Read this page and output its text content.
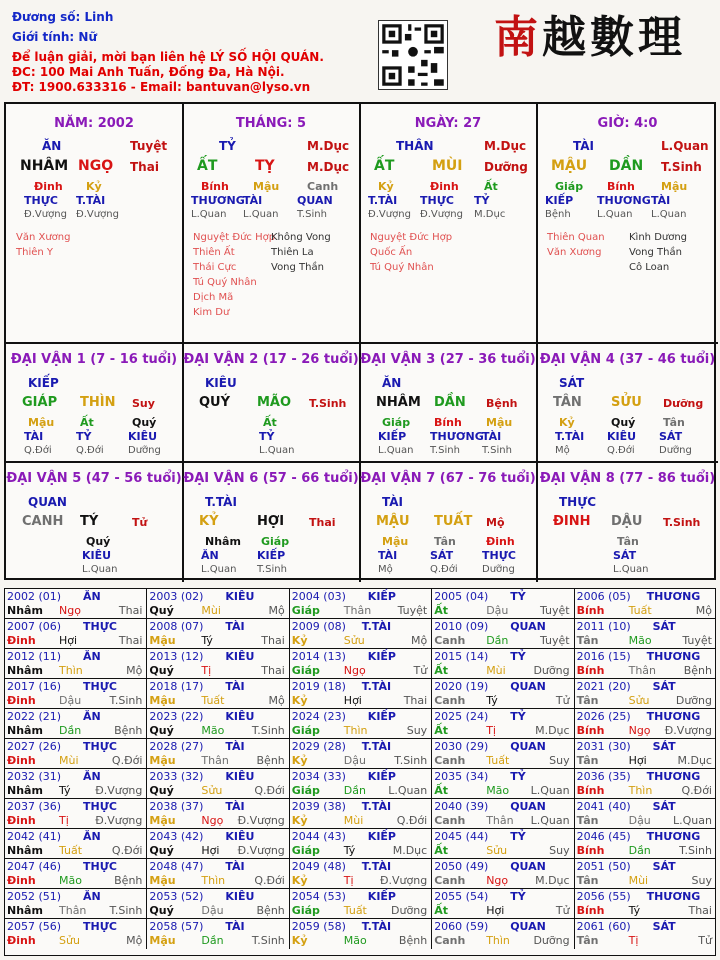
Đương số: Linh
Giới tính: Nữ
Để luận giải, mời bạn liên hệ LÝ SỐ HỘI QUÁN.
ĐC: 100 Mai Anh Tuấn, Đống Đa, Hà Nội.
ĐT: 1900.633316 - Email: bantuvan@lyso.vn
南越數理
NĂM: 2002
ĂN	Tuyệt
NHÂM NGỌ Thai
Đinh
THỰC
Đ.Vượng
Kỷ
T.TÀI
Đ.Vượng
Văn Xương
Thiên Y
THÁNG: 5
TỶ	M.Dục
ẤT	TỴ	M.Dục
Bính
THƯƠNG
L.Quan
Mậu
TÀI
L.Quan
Canh
QUAN
T.Sinh
Nguyệt Đức Hợp
Thiên Ất
Thái Cực
Tú Quý Nhân
Dịch Mã
Kim Dư
Không Vong
Thiên La
Vong Thần
NGÀY: 27
THÂN	M.Dục
ẤT	MÙI Dưỡng
Kỷ
T.TÀI
Đ.Vượng
Đinh
THỰC
Đ.Vượng
Ất
TỶ
M.Dục
Nguyệt Đức Hợp
Quốc Ấn
Tú Quý Nhân
GIỜ: 4:0
TÀI	L.Quan
MẬU DẦN T.Sinh
Giáp
KIẾP
Bệnh
Bính
THƯƠNG
L.Quan
Mậu
TÀI
L.Quan
Thiên Quan
Văn Xương
Kình Dương
Vong Thần
Cô Loan
ĐẠI VẬN 1 (7 - 16 tuổi)
KIẾP
GIÁP THÌN Suy
Mậu
TÀI
Q.Đới
Ất
TỶ
Q.Đới
Quý
KIÊU
Dưỡng
ĐẠI VẬN 2 (17 - 26 tuổi)
KIÊU
QUÝ MÃO T.Sinh
Ất
TỶ
L.Quan
ĐẠI VẬN 3 (27 - 36 tuổi)
ĂN
NHÂM DẦN Bệnh
Giáp
KIẾP
L.Quan
Bính
THƯƠNG
T.Sinh
Mậu
TÀI
T.Sinh
ĐẠI VẬN 4 (37 - 46 tuổi)
SÁT
TÂN SỬU Dưỡng
Kỷ
T.TÀI
Mộ
Quý
KIÊU
Q.Đới
Tân
SÁT
Dưỡng
ĐẠI VẬN 5 (47 - 56 tuổi)
QUAN
CANH TÝ	Tử
Quý
KIÊU
L.Quan
ĐẠI VẬN 6 (57 - 66 tuổi)
T.TÀI
KỶ	HỢI Thai
Nhâm
ĂN
L.Quan
Giáp
KIẾP
T.Sinh
ĐẠI VẬN 7 (67 - 76 tuổi)
TÀI
MẬU TUẤT Mộ
Mậu
TÀI
Mộ
Tân
SÁT
Q.Đới
Đinh
THỰC
Dưỡng
ĐẠI VẬN 8 (77 - 86 tuổi)
THỰC
ĐINH DẬU T.Sinh
Tân
SÁT
L.Quan
2002 (01) ĂN
Nhâm Ngọ	Thai
2003 (02) KIÊU
Quý	Mùi	Mộ
2004 (03) KIẾP
Giáp Thân Tuyệt
2005 (04) TỶ
Ất	Dậu	Tuyệt
2006 (05) THƯƠNG
Bính Tuất	Mộ
2007 (06) THỰC
Đinh Hợi	Thai
2008 (07) TÀI
Mậu Tý	Thai
2009 (08) T.TÀI
Kỷ	Sửu	Mộ
2010 (09) QUAN
Canh Dần	Tuyệt
2011 (10) SÁT
Tân	Mão	Tuyệt
2012 (11) ĂN
Nhâm Thìn	Mộ
2013 (12) KIÊU
Quý	Tị	Thai
2014 (13) KIẾP
Giáp Ngọ	Tử
2015 (14) TỶ
Ất	Mùi	Dưỡng
2016 (15) THƯƠNG
Bính Thân	Bệnh
2017 (16) THỰC
Đinh Dậu	T.Sinh
2018 (17) TÀI
Mậu Tuất	Mộ
2019 (18) T.TÀI
Kỷ	Hợi	Thai
2020 (19) QUAN
Canh Tý	Tử
2021 (20) SÁT
Tân	Sửu Dưỡng
2022 (21) ĂN
Nhâm Dần	Bệnh
2023 (22) KIÊU
Quý	Mão	T.Sinh
2024 (23) KIẾP
Giáp Thìn	Suy
2025 (24) TỶ
Ất	Tị	M.Dục
2026 (25) THƯƠNG
Bính Ngọ Đ.Vượng
2027 (26) THỰC
Đinh Mùi	Q.Đới
2028 (27) TÀI
Mậu Thân	Bệnh
2029 (28) T.TÀI
Kỷ	Dậu	T.Sinh
2030 (29) QUAN
Canh Tuất	Suy
2031 (30) SÁT
Tân	Hợi	M.Dục
2032 (31) ĂN
Nhâm Tý Đ.Vượng
2033 (32) KIÊU
Quý	Sửu	Q.Đới
2034 (33) KIẾP
Giáp Dần L.Quan
2035 (34) TỶ
Ất	Mão L.Quan
2036 (35) THƯƠNG
Bính Thìn	Q.Đới
2037 (36) THỰC
Đinh Tị Đ.Vượng
2038 (37) TÀI
Mậu Ngọ Đ.Vượng
2039 (38) T.TÀI
Kỷ	Mùi	Q.Đới
2040 (39) QUAN
Canh Thân L.Quan
2041 (40) SÁT
Tân	Dậu L.Quan
2042 (41) ĂN
Nhâm Tuất	Q.Đới
2043 (42) KIÊU
Quý	Hợi Đ.Vượng
2044 (43) KIẾP
Giáp Tý	M.Dục
2045 (44) TỶ
Ất	Sửu	Suy
2046 (45) THƯƠNG
Bính Dần	T.Sinh
2047 (46) THỰC
Đinh Mão	Bệnh
2048 (47) TÀI
Mậu Thìn	Q.Đới
2049 (48) T.TÀI
Kỷ	Tị Đ.Vượng
2050 (49) QUAN
Canh Ngọ M.Dục
2051 (50) SÁT
Tân	Mùi	Suy
2052 (51) ĂN
Nhâm Thân T.Sinh
2053 (52) KIÊU
Quý	Dậu	Bệnh
2054 (53) KIẾP
Giáp Tuất Dưỡng
2055 (54) TỶ
Ất	Hợi	Tử
2056 (55) THƯƠNG
Bính Tý	Thai
2057 (56) THỰC
Đinh Sửu	Mộ
2058 (57) TÀI
Mậu Dần	T.Sinh
2059 (58) T.TÀI
Kỷ	Mão	Bệnh
2060 (59) QUAN
Canh Thìn Dưỡng
2061 (60) SÁT
Tân	Tị	Tử
